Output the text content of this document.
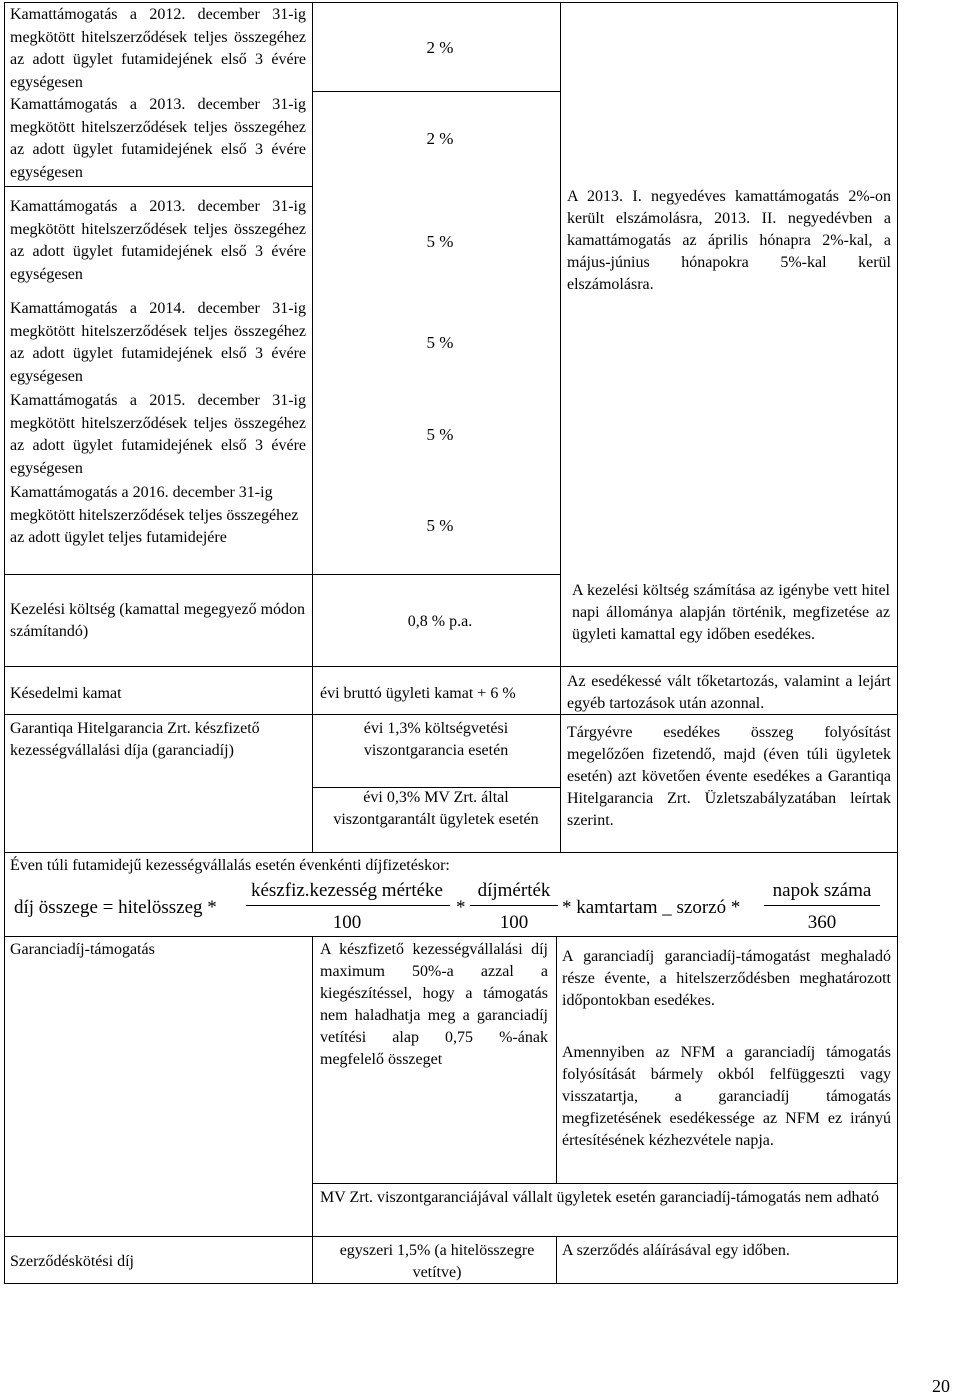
Kamattámogatás a 2012. december 31-ig megkötött hitelszerződések teljes összegéhez az adott ügylet futamidejének első 3 évére egységesen
2 %
Kamattámogatás a 2013. december 31-ig megkötött hitelszerződések teljes összegéhez az adott ügylet futamidejének első 3 évére egységesen
2 %
Kamattámogatás a 2013. december 31-ig megkötött hitelszerződések teljes összegéhez az adott ügylet futamidejének első 3 évére egységesen
5 %
Kamattámogatás a 2014. december 31-ig megkötött hitelszerződések teljes összegéhez az adott ügylet futamidejének első 3 évére egységesen
5 %
Kamattámogatás a 2015. december 31-ig megkötött hitelszerződések teljes összegéhez az adott ügylet futamidejének első 3 évére egységesen
5 %
Kamattámogatás a 2016. december 31-ig megkötött hitelszerződések teljes összegéhez az adott ügylet teljes futamidejére
5 %
A 2013. I. negyedéves kamattámogatás 2%-on került elszámolásra, 2013. II. negyedévben a kamattámogatás az április hónapra 2%-kal, a május-június hónapokra 5%-kal kerül elszámolásra.
Kezelési költség (kamattal megegyező módon számítandó)
0,8 % p.a.
A kezelési költség számítása az igénybe vett hitel napi állománya alapján történik, megfizetése az ügyleti kamattal egy időben esedékes.
Késedelmi kamat	évi bruttó ügyleti kamat + 6 %
Az esedékessé vált tőketartozás, valamint a lejárt egyéb tartozások után azonnal.
Garantiqa Hitelgarancia Zrt. készfizető kezességvállalási díja (garanciadíj)
évi 1,3% költségvetési viszontgarancia esetén
évi 0,3% MV Zrt. által viszontgarantált ügyletek esetén
Tárgyévre esedékes összeg folyósítást megelőzően fizetendő, majd (éven túli ügyletek esetén) azt követően évente esedékes a Garantiqa Hitelgarancia Zrt. Üzletszabályzatában leírtak szerint.
Éven túli futamidejű kezességvállalás esetén évenkénti díjfizetéskor:
díj összege = hitelösszeg *
készfiz.kezesség mértéke
100
*
díjmérték
100
* kamtartam _ szorzó *
napok száma
360
Garanciadíj-támogatás	A készfizető kezességvállalási díj maximum 50%-a azzal a kiegészítéssel, hogy a támogatás nem haladhatja meg a garanciadíj vetítési alap 0,75 %-ának megfelelő összeget
A garanciadíj garanciadíj-támogatást meghaladó része évente, a hitelszerződésben meghatározott időpontokban esedékes.
Amennyiben az NFM a garanciadíj támogatás folyósítását bármely okból felfüggeszti vagy visszatartja, a garanciadíj támogatás megfizetésének esedékessége az NFM ez irányú értesítésének kézhezvétele napja.
MV Zrt. viszontgaranciájával vállalt ügyletek esetén garanciadíj-támogatás nem adható
Szerződéskötési díj
egyszeri 1,5% (a hitelösszegre vetítve)
A szerződés aláírásával egy időben.
20
